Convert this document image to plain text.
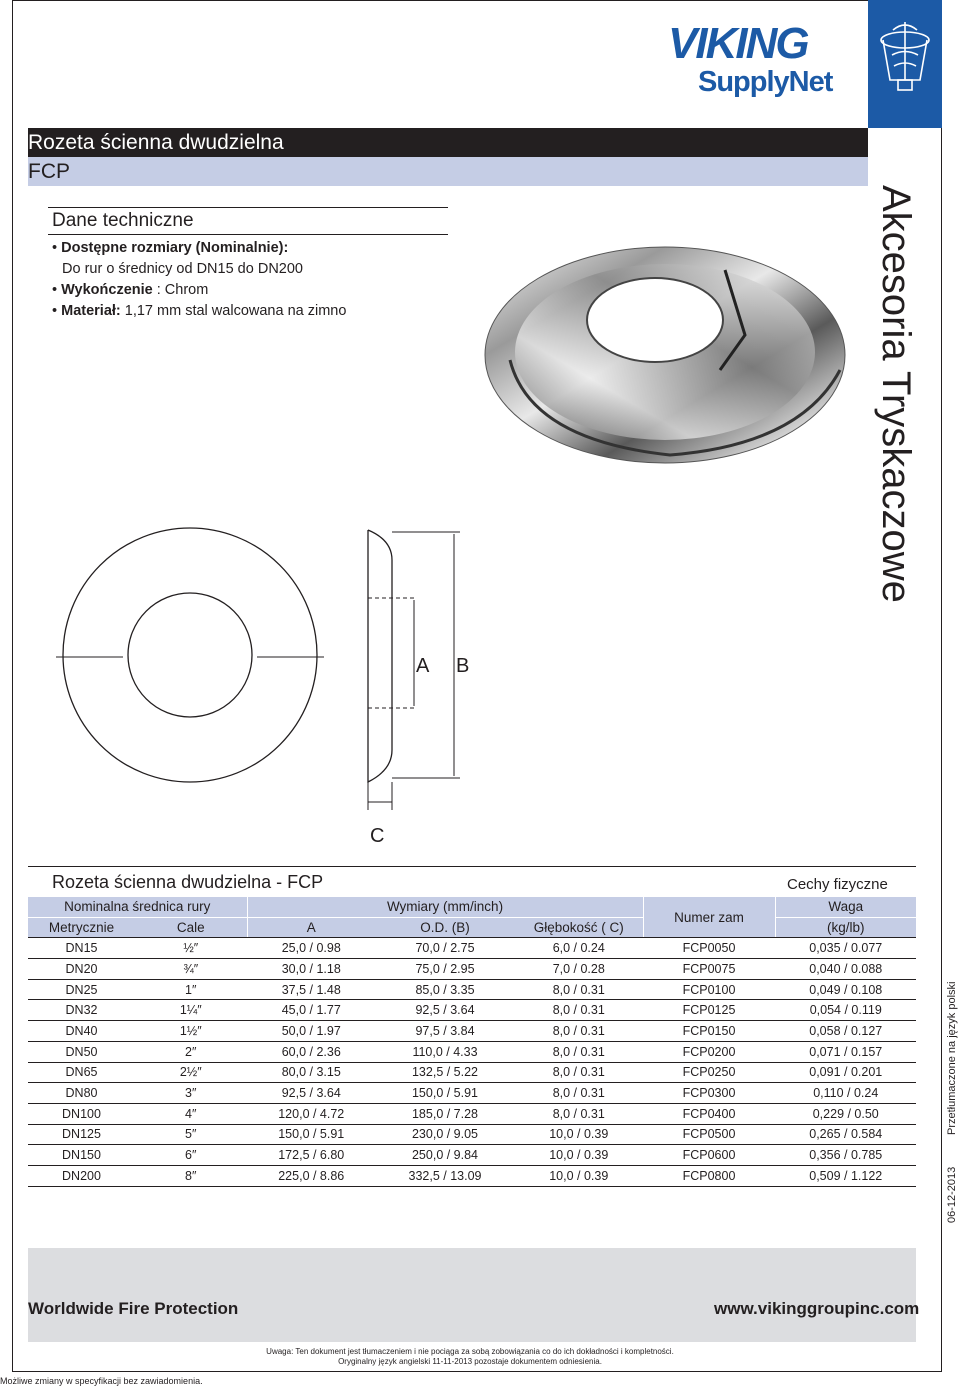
VIKING
SupplyNet
Rozeta ścienna dwudzielna
FCP
Dane techniczne
• Dostępne rozmiary (Nominalnie):
Do rur o średnicy od DN15 do DN200
• Wykończenie : Chrom
• Materiał: 1,17 mm stal walcowana na zimno
A B
C
Akcesoria Tryskaczowe
Rozeta ścienna dwudzielna - FCP	Cechy fizyczne
Nominalna średnica rury		Wymiary (mm/inch)			Numer zam	Waga
Metrycznie	Cale	A	O.D. (B)	Głębokość ( C)		(kg/lb)
DN15	½″	25,0 / 0.98	70,0 / 2.75	6,0 / 0.24	FCP0050	0,035 / 0.077
DN20	¾″	30,0 / 1.18	75,0 / 2.95	7,0 / 0.28	FCP0075	0,040 / 0.088
DN25	1″	37,5 / 1.48	85,0 / 3.35	8,0 / 0.31	FCP0100	0,049 / 0.108
DN32	1¼″	45,0 / 1.77	92,5 / 3.64	8,0 / 0.31	FCP0125	0,054 / 0.119
DN40	1½″	50,0 / 1.97	97,5 / 3.84	8,0 / 0.31	FCP0150	0,058 / 0.127
DN50	2″	60,0 / 2.36	110,0 / 4.33	8,0 / 0.31	FCP0200	0,071 / 0.157
DN65	2½″	80,0 / 3.15	132,5 / 5.22	8,0 / 0.31	FCP0250	0,091 / 0.201
DN80	3″	92,5 / 3.64	150,0 / 5.91	8,0 / 0.31	FCP0300	0,110 / 0.24
DN100	4″	120,0 / 4.72	185,0 / 7.28	8,0 / 0.31	FCP0400	0,229 / 0.50
DN125	5″	150,0 / 5.91	230,0 / 9.05	10,0 / 0.39	FCP0500	0,265 / 0.584
DN150	6″	172,5 / 6.80	250,0 / 9.84	10,0 / 0.39	FCP0600	0,356 / 0.785
DN200	8″	225,0 / 8.86	332,5 / 13.09	10,0 / 0.39	FCP0800	0,509 / 1.122
Przetłumaczone na język polski
06-12-2013
Worldwide Fire Protection	www.vikinggroupinc.com
Uwaga: Ten dokument jest tłumaczeniem i nie pociąga za sobą zobowiązania co do ich dokładności i kompletności.
Oryginalny język angielski 11-11-2013 pozostaje dokumentem odniesienia.
Możliwe zmiany w specyfikacji bez zawiadomienia.
